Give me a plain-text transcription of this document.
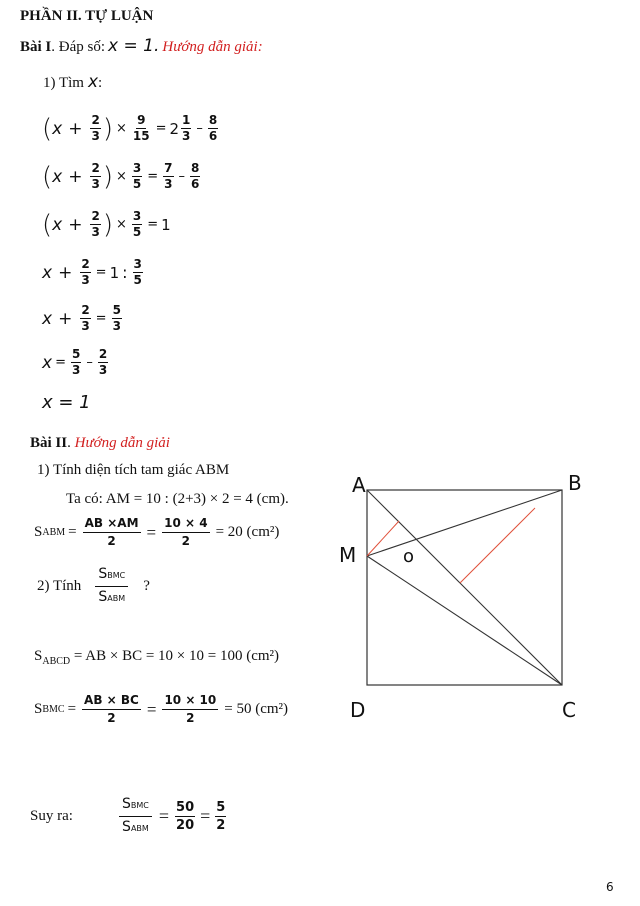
PHẦN II. TỰ LUẬN
Bài I . Đáp số: x = 1. Hướng dẫn giải:
1) Tìm x :
( $x + \frac{2}{3}$ ) × $\frac{9}{15} = 2 \frac{1}{3} - \frac{8}{6}$
( $x + \frac{2}{3}$ ) × $\frac{3}{5} = \frac{7}{3} - \frac{8}{6}$
( $x + \frac{2}{3}$ ) × $\frac{3}{5} = 1$
$x + \frac{2}{3} = 1$ : $\frac{3}{5}$
$x + \frac{2}{3} = \frac{5}{3}$
$x = \frac{5}{3} - \frac{2}{3}$
x = 1
Bài II. Hướng dẫn giải
1) Tính diện tích tam giác ABM
Ta có: AM = 10 : (2+3) × 2 = 4 (cm).
S ABM = $\frac{AB \times AM}{2} = \frac{10 \times 4}{2} = 20$ (cm²)
2) Tính
SBMC
SABM
?
$S_{ABCD}$ = AB × BC = 10 × 10 = 100 (cm²)
S BMC = $\frac{AB \times BC}{2} = \frac{10 \times 10}{2} = 50$ (cm²)
Suy ra:
SBMC
SABM
= $\frac{50}{20} = \frac{5}{2}$
A	B
M	o
D	C
6
